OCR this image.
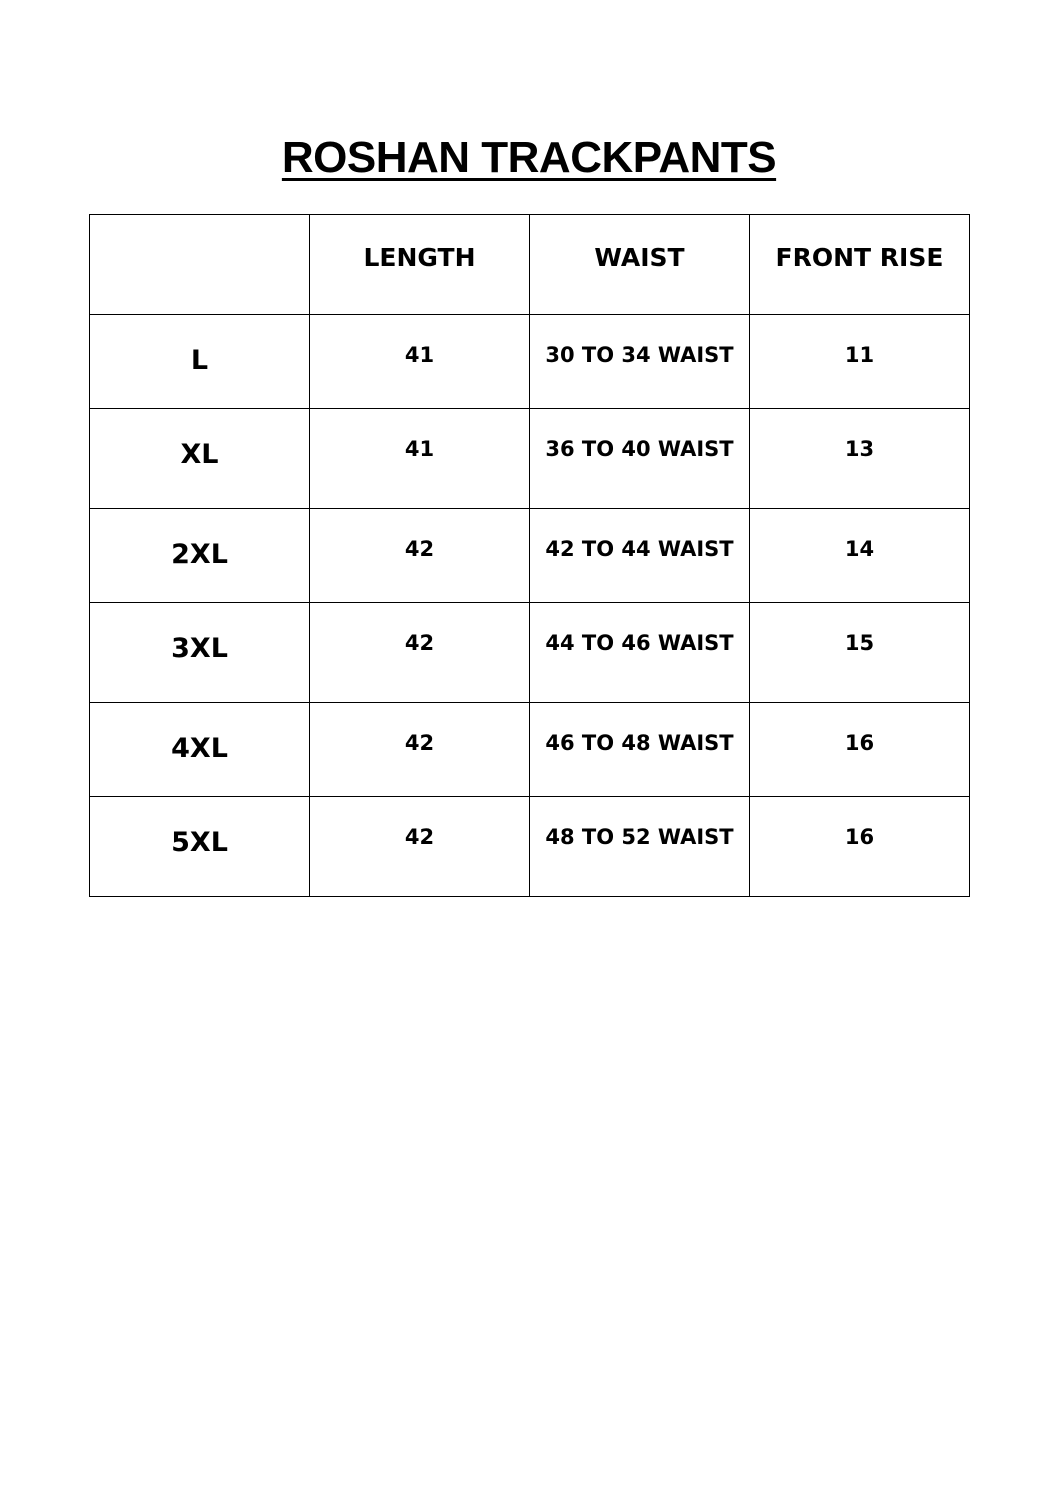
ROSHAN TRACKPANTS
	LENGTH	WAIST	FRONT RISE
L	41	30 TO 34 WAIST	11
XL	41	36 TO 40 WAIST	13
2XL	42	42 TO 44 WAIST	14
3XL	42	44 TO 46 WAIST	15
4XL	42	46 TO 48 WAIST	16
5XL	42	48 TO 52 WAIST	16
